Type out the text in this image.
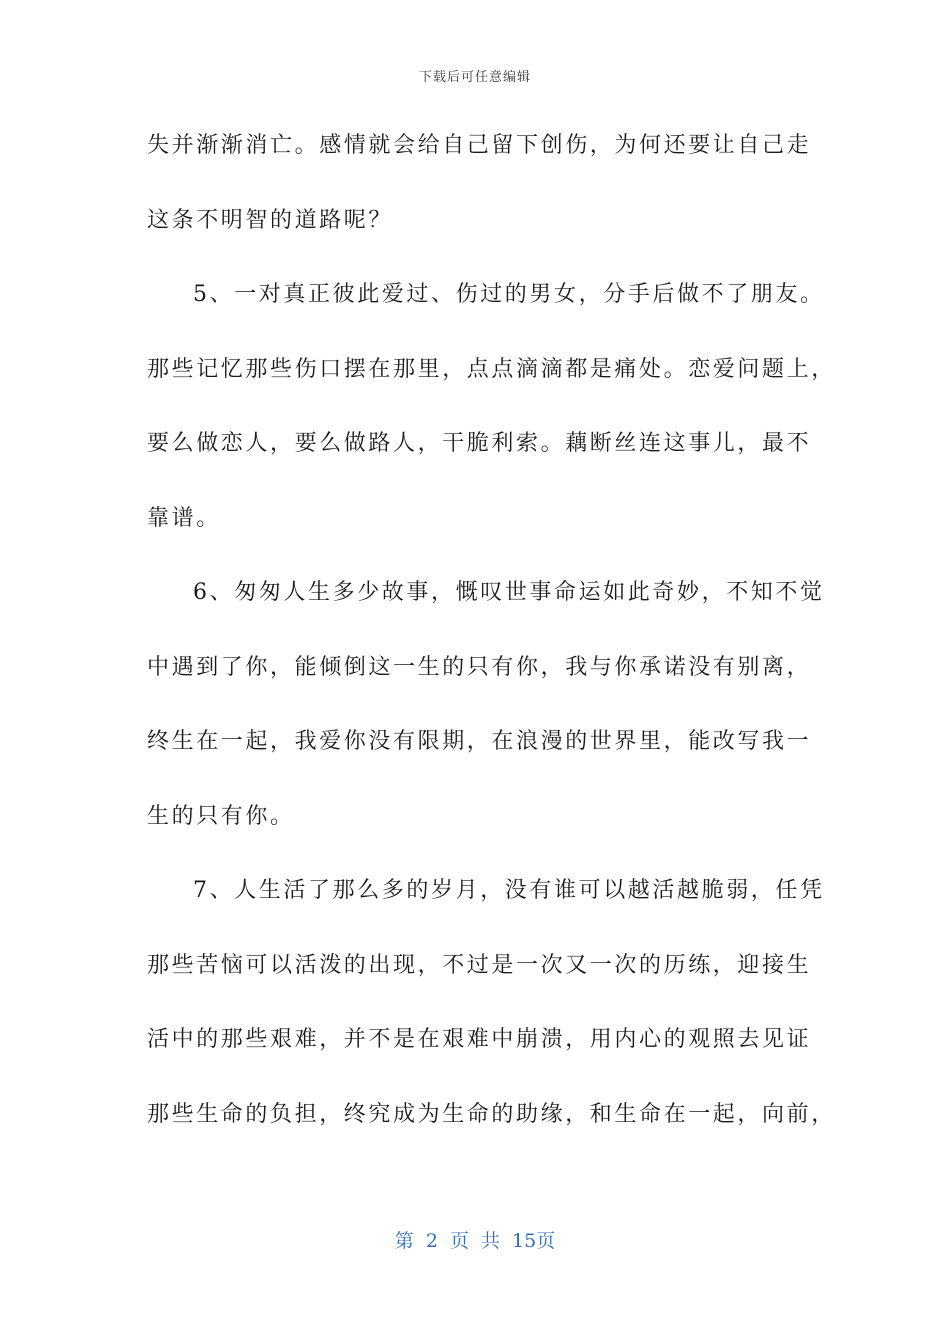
下载后可任意编辑
失并渐渐消亡。感情就会给自己留下创伤，为何还要让自己走
这条不明智的道路呢？
5、一对真正彼此爱过、伤过的男女，分手后做不了朋友。
那些记忆那些伤口摆在那里，点点滴滴都是痛处。恋爱问题上，
要么做恋人，要么做路人，干脆利索。藕断丝连这事儿，最不
靠谱。
6、匆匆人生多少故事，慨叹世事命运如此奇妙，不知不觉
中遇到了你，能倾倒这一生的只有你，我与你承诺没有别离，
终生在一起，我爱你没有限期，在浪漫的世界里，能改写我一
生的只有你。
7、人生活了那么多的岁月，没有谁可以越活越脆弱，任凭
那些苦恼可以活泼的出现，不过是一次又一次的历练，迎接生
活中的那些艰难，并不是在艰难中崩溃，用内心的观照去见证
那些生命的负担，终究成为生命的助缘，和生命在一起，向前，
第 2 页 共 15页
